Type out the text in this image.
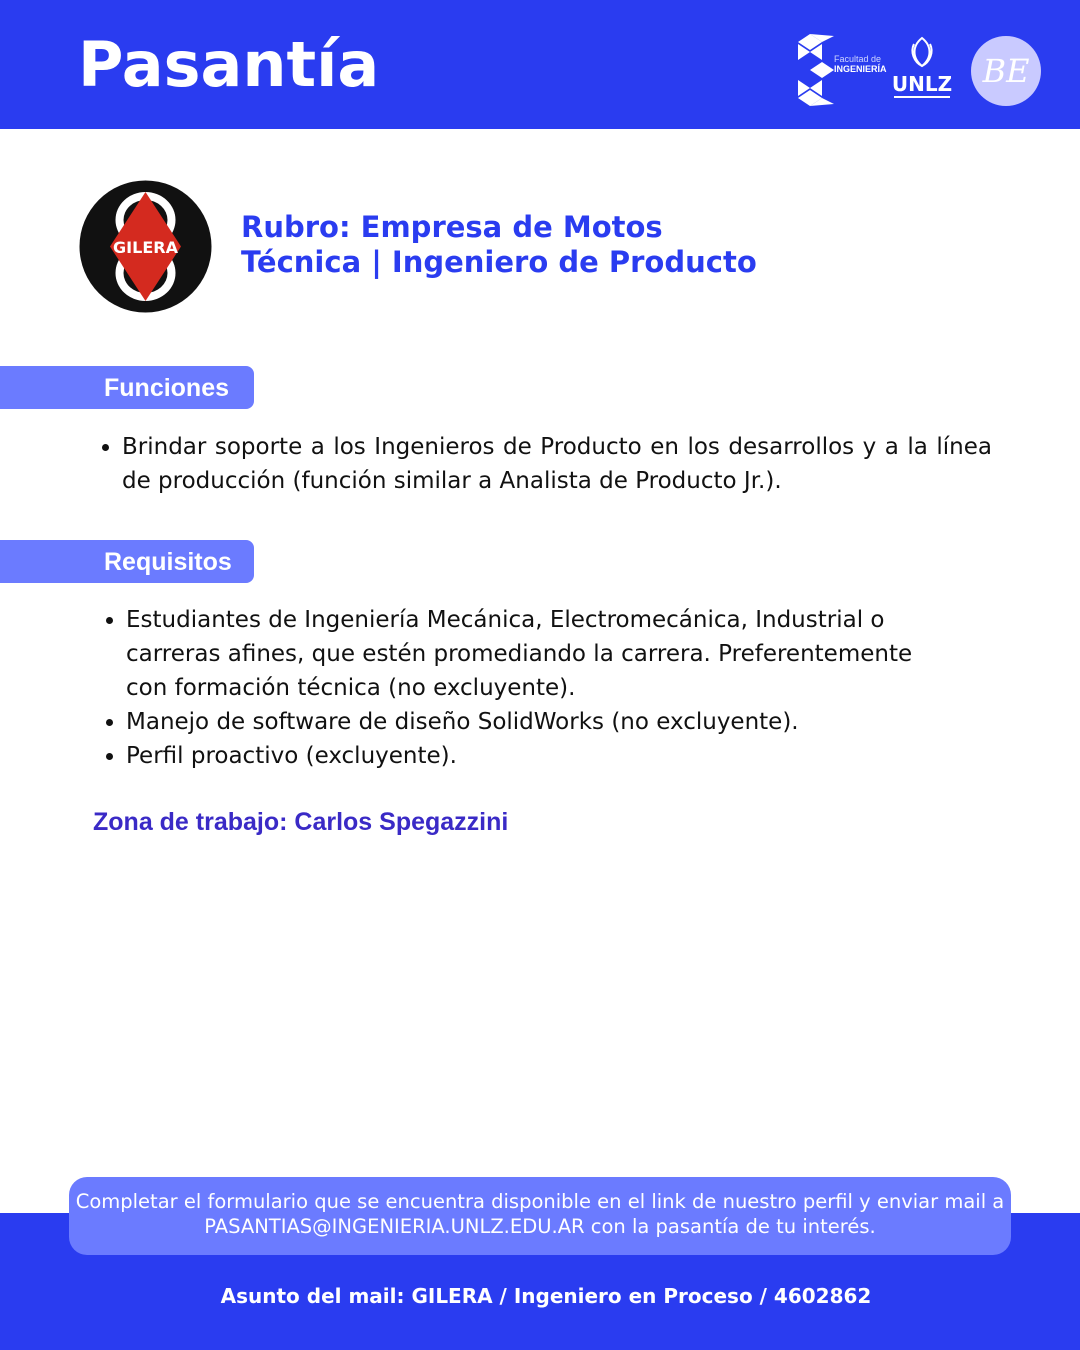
Pasantía	Facultad de
INGENIERÍA
UNLZ BE
GILERA
Rubro: Empresa de Motos
Técnica | Ingeniero de Producto
Funciones
• Brindar soporte a los Ingenieros de Producto en los desarrollos y a la línea de producción (función similar a Analista de Producto Jr.).
Requisitos
• Estudiantes de Ingeniería Mecánica, Electromecánica, Industrial o carreras afines, que estén promediando la carrera. Preferentemente con formación técnica (no excluyente).
• Manejo de software de diseño SolidWorks (no excluyente).
• Perfil proactivo (excluyente).

Zona de trabajo: Carlos Spegazzini

Completar el formulario que se encuentra disponible en el link de nuestro perfil y enviar mail a PASANTIAS@INGENIERIA.UNLZ.EDU.AR con la pasantía de tu interés.
Asunto del mail: GILERA / Ingeniero en Proceso / 4602862
